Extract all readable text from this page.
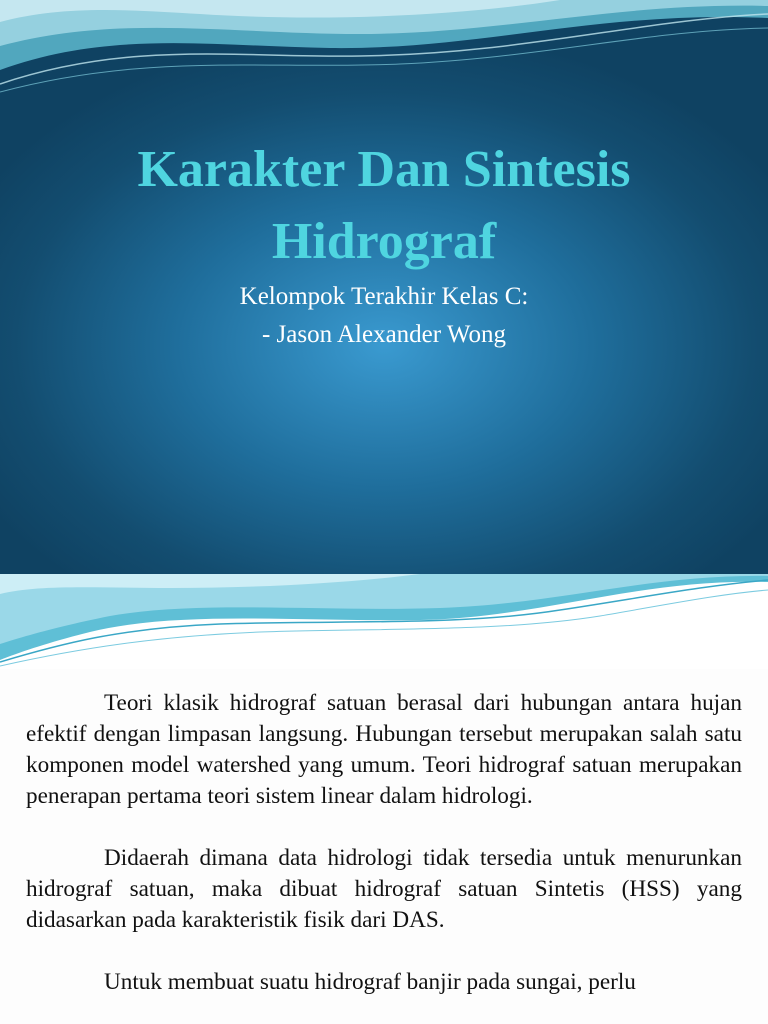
Karakter Dan Sintesis
Hidrograf
Kelompok Terakhir Kelas C:
- Jason Alexander Wong

Teori klasik hidrograf satuan berasal dari hubungan antara hujan efektif dengan limpasan langsung. Hubungan tersebut merupakan salah satu komponen model watershed yang umum. Teori hidrograf satuan merupakan penerapan pertama teori sistem linear dalam hidrologi.

Didaerah dimana data hidrologi tidak tersedia untuk menurunkan hidrograf satuan, maka dibuat hidrograf satuan Sintetis (HSS) yang didasarkan pada karakteristik fisik dari DAS.

Untuk membuat suatu hidrograf banjir pada sungai, perlu
